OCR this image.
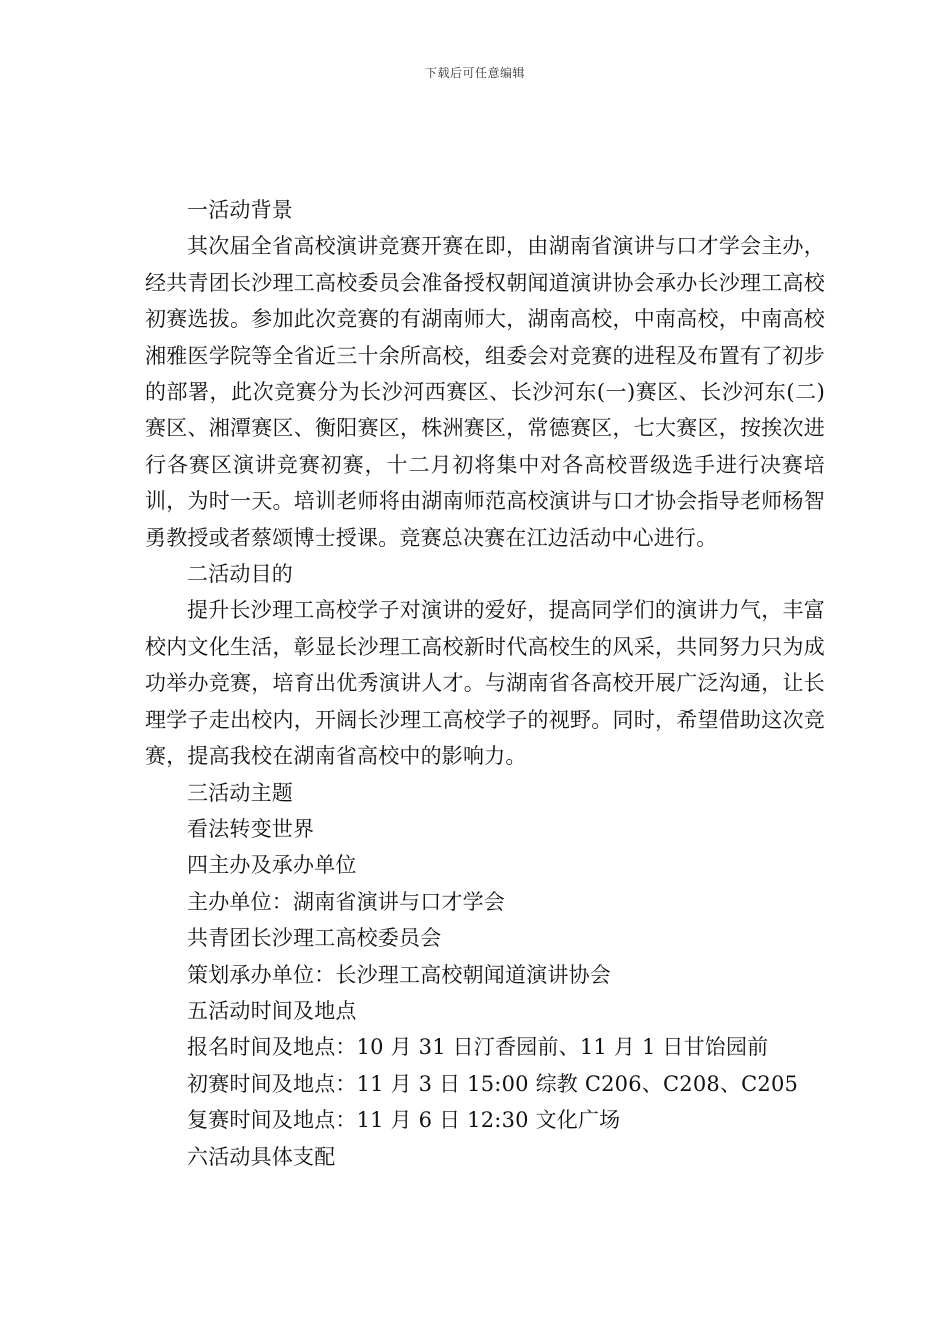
下载后可任意编辑

一活动背景

其次届全省高校演讲竞赛开赛在即，由湖南省演讲与口才学会主办，经共青团长沙理工高校委员会准备授权朝闻道演讲协会承办长沙理工高校初赛选拔。参加此次竞赛的有湖南师大，湖南高校，中南高校，中南高校湘雅医学院等全省近三十余所高校，组委会对竞赛的进程及布置有了初步的部署，此次竞赛分为长沙河西赛区、长沙河东(一)赛区、长沙河东(二)赛区、湘潭赛区、衡阳赛区，株洲赛区，常德赛区，七大赛区，按挨次进行各赛区演讲竞赛初赛，十二月初将集中对各高校晋级选手进行决赛培训，为时一天。培训老师将由湖南师范高校演讲与口才协会指导老师杨智勇教授或者蔡颂博士授课。竞赛总决赛在江边活动中心进行。

二活动目的

提升长沙理工高校学子对演讲的爱好，提高同学们的演讲力气，丰富校内文化生活，彰显长沙理工高校新时代高校生的风采，共同努力只为成功举办竞赛，培育出优秀演讲人才。与湖南省各高校开展广泛沟通，让长理学子走出校内，开阔长沙理工高校学子的视野。同时，希望借助这次竞赛，提高我校在湖南省高校中的影响力。

三活动主题

看法转变世界

四主办及承办单位

主办单位：湖南省演讲与口才学会

共青团长沙理工高校委员会

策划承办单位：长沙理工高校朝闻道演讲协会

五活动时间及地点

报名时间及地点：10 月 31 日汀香园前、11 月 1 日甘饴园前

初赛时间及地点：11 月 3 日 15:00 综教 C206、C208、C205

复赛时间及地点：11 月 6 日 12:30 文化广场

六活动具体支配
